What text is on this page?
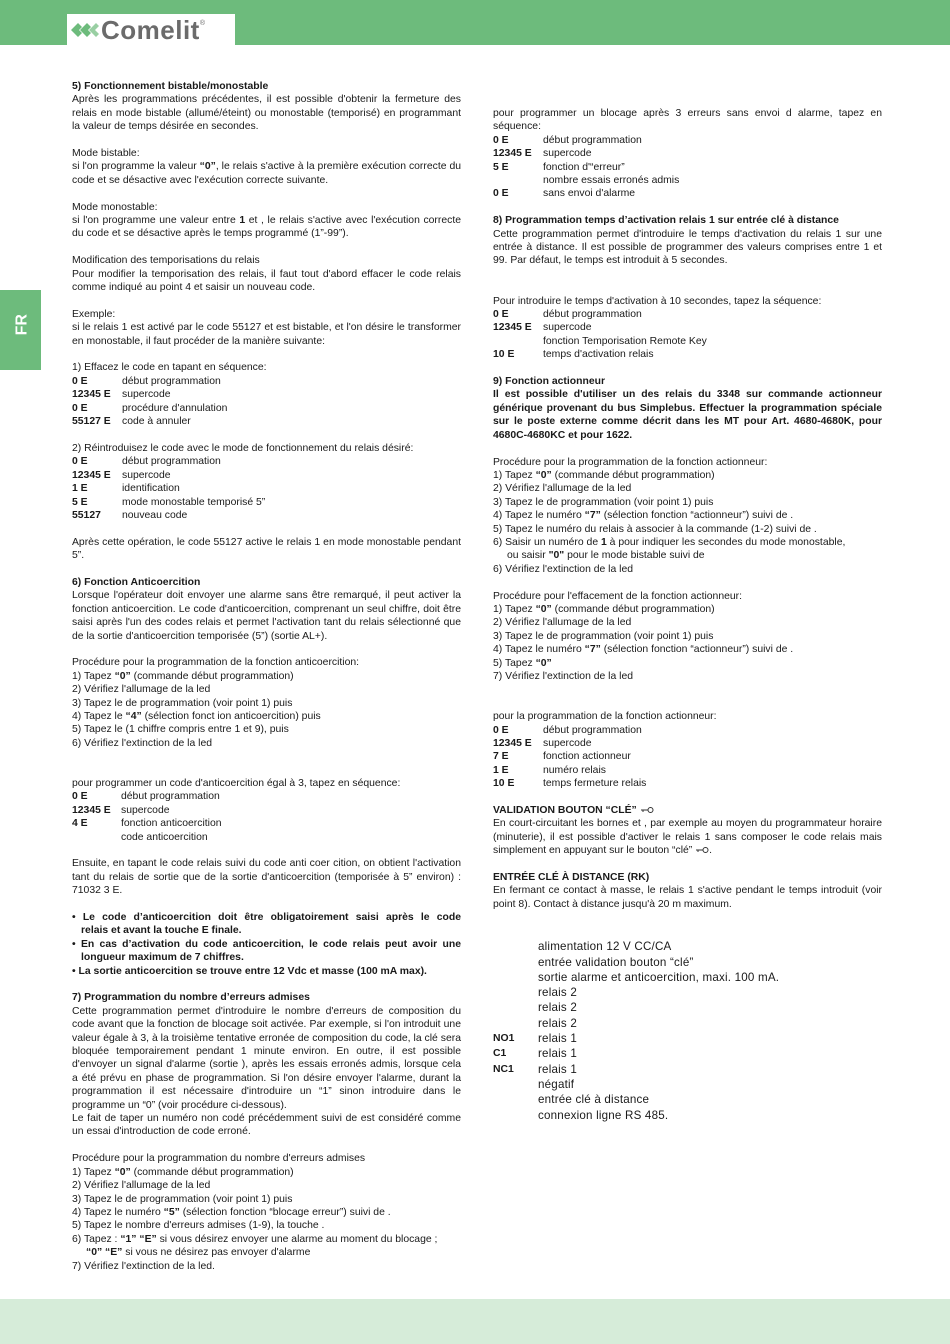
Comelit ®
FR

5) Fonctionnement bistable/monostable

Après les programmations précédentes, il est possible d'obtenir la fermeture des relais en mode bistable (allumé/éteint) ou monostable (temporisé) en programmant la valeur de temps désirée en secondes.

Mode bistable:

si l'on programme la valeur “0”, le relais s'active à la première exécution correcte du code et se désactive avec l'exécution correcte suivante.

Mode monostable:

si l'on programme une valeur entre 1 et , le relais s'active avec l'exécution correcte du code et se désactive après le temps programmé (1”-99”).

Modification des temporisations du relais

Pour modifier la temporisation des relais, il faut tout d'abord effacer le code relais comme indiqué au point 4 et saisir un nouveau code.

Exemple:

si le relais 1 est activé par le code 55127 et est bistable, et l'on désire le transformer en monostable, il faut procéder de la manière suivante:

1) Effacez le code en tapant en séquence:

0 E	début programmation
12345 E	supercode
0 E	procédure d'annulation
55127 E	code à annuler

2) Réintroduisez le code avec le mode de fonctionnement du relais désiré:

0 E	début programmation
12345 E	supercode
1 E	identification
5 E	mode monostable temporisé 5”
55127	nouveau code

Après cette opération, le code 55127 active le relais 1 en mode monostable pendant 5”.

6) Fonction Anticoercition

Lorsque l'opérateur doit envoyer une alarme sans être remarqué, il peut activer la fonction anticoercition. Le code d'anticoercition, comprenant un seul chiffre, doit être saisi après l'un des codes relais et permet l'activation tant du relais sélectionné que de la sortie d'anticoercition temporisée (5”) (sortie AL+).

Procédure pour la programmation de la fonction anticoercition:

1) Tapez “0” (commande début programmation)

2) Vérifiez l'allumage de la led

3) Tapez le de programmation (voir point 1) puis

4) Tapez le “4” (sélection fonct ion anticoercition) puis

5) Tapez le (1 chiffre compris entre 1 et 9), puis

6) Vérifiez l'extinction de la led

pour programmer un code d'anticoercition égal à 3, tapez en séquence:

0 E	début programmation
12345 E supercode
4 E	fonction anticoercition
code anticoercition

Ensuite, en tapant le code relais suivi du code anti coer cition, on obtient l'activation tant du relais de sortie que de la sortie d'anticoercition (temporisée à 5” environ) : 71032 3 E.

• Le code d’anticoercition doit être obligatoirement saisi après le code
relais et avant la touche E finale.
• En cas d’activation du code anticoercition, le code relais peut avoir une
longueur maximum de 7 chiffres.
• La sortie anticoercition se trouve entre 12 Vdc et masse (100 mA max).

7) Programmation du nombre d’erreurs admises

Cette programmation permet d'introduire le nombre d'erreurs de composition du code avant que la fonction de blocage soit activée. Par exemple, si l'on introduit une valeur égale à 3, à la troisième tentative erronée de composition du code, la clé sera bloquée temporairement pendant 1 minute environ. En outre, il est possible d'envoyer un signal d'alarme (sortie ), après les essais erronés admis, lorsque cela a été prévu en phase de programmation. Si l'on désire envoyer l'alarme, durant la programmation il est nécessaire d'introduire un “1” sinon introduire dans le programme un “0” (voir procédure ci-dessous).

Le fait de taper un numéro non codé précédemment suivi de est considéré comme un essai d'introduction de code erroné.

Procédure pour la programmation du nombre d'erreurs admises

1) Tapez “0” (commande début programmation)

2) Vérifiez l'allumage de la led

3) Tapez le de programmation (voir point 1) puis

4) Tapez le numéro “5” (sélection fonction “blocage erreur”) suivi de .

5) Tapez le nombre d'erreurs admises (1-9), la touche .

6) Tapez : “1” “E” si vous désirez envoyer une alarme au moment du blocage ;

“0” “E” si vous ne désirez pas envoyer d'alarme

7) Vérifiez l'extinction de la led.

pour programmer un blocage après 3 erreurs sans envoi d alarme, tapez en séquence:

0 E	début programmation
12345 E	supercode
5 E	fonction d'“erreur”
nombre essais erronés admis
0 E	sans envoi d'alarme

8) Programmation temps d’activation relais 1 sur entrée clé à distance

Cette programmation permet d'introduire le temps d'activation du relais 1 sur une entrée à distance. Il est possible de programmer des valeurs comprises entre 1 et 99. Par défaut, le temps est introduit à 5 secondes.

Pour introduire le temps d'activation à 10 secondes, tapez la séquence:

0 E	début programmation
12345 E	supercode
fonction Temporisation Remote Key
10 E	temps d'activation relais

9) Fonction actionneur

Il est possible d'utiliser un des relais du 3348 sur commande actionneur générique provenant du bus Simplebus. Effectuer la programmation spéciale sur le poste externe comme décrit dans les MT pour Art. 4680-4680K, pour 4680C-4680KC et pour 1622.

Procédure pour la programmation de la fonction actionneur:

1) Tapez “0” (commande début programmation)

2) Vérifiez l'allumage de la led

3) Tapez le de programmation (voir point 1) puis

4) Tapez le numéro “7” (sélection fonction “actionneur”) suivi de .

5) Tapez le numéro du relais à associer à la commande (1-2) suivi de .

6) Saisir un numéro de 1 à pour indiquer les secondes du mode monostable,

ou saisir "0" pour le mode bistable suivi de

6) Vérifiez l'extinction de la led

Procédure pour l'effacement de la fonction actionneur:

1) Tapez “0” (commande début programmation)

2) Vérifiez l'allumage de la led

3) Tapez le de programmation (voir point 1) puis

4) Tapez le numéro “7” (sélection fonction “actionneur”) suivi de .

5) Tapez “0”

7) Vérifiez l'extinction de la led

pour la programmation de la fonction actionneur:

0 E	début programmation
12345 E	supercode
7 E	fonction actionneur
1 E	numéro relais
10 E	temps fermeture relais

VALIDATION BOUTON “CLÉ”

En court-circuitant les bornes et , par exemple au moyen du programmateur horaire (minuterie), il est possible d'activer le relais 1 sans composer le code relais mais simplement en appuyant sur le bouton “clé” .

ENTRÉE CLÉ À DISTANCE (RK)

En fermant ce contact à masse, le relais 1 s'active pendant le temps introduit (voir point 8). Contact à distance jusqu'à 20 m maximum.

alimentation 12 V CC/CA
entrée validation bouton “clé”
sortie alarme et anticoercition, maxi. 100 mA.
relais 2
relais 2
relais 2
NO1	relais 1
C1	relais 1
NC1	relais 1
négatif
entrée clé à distance
connexion ligne RS 485.
